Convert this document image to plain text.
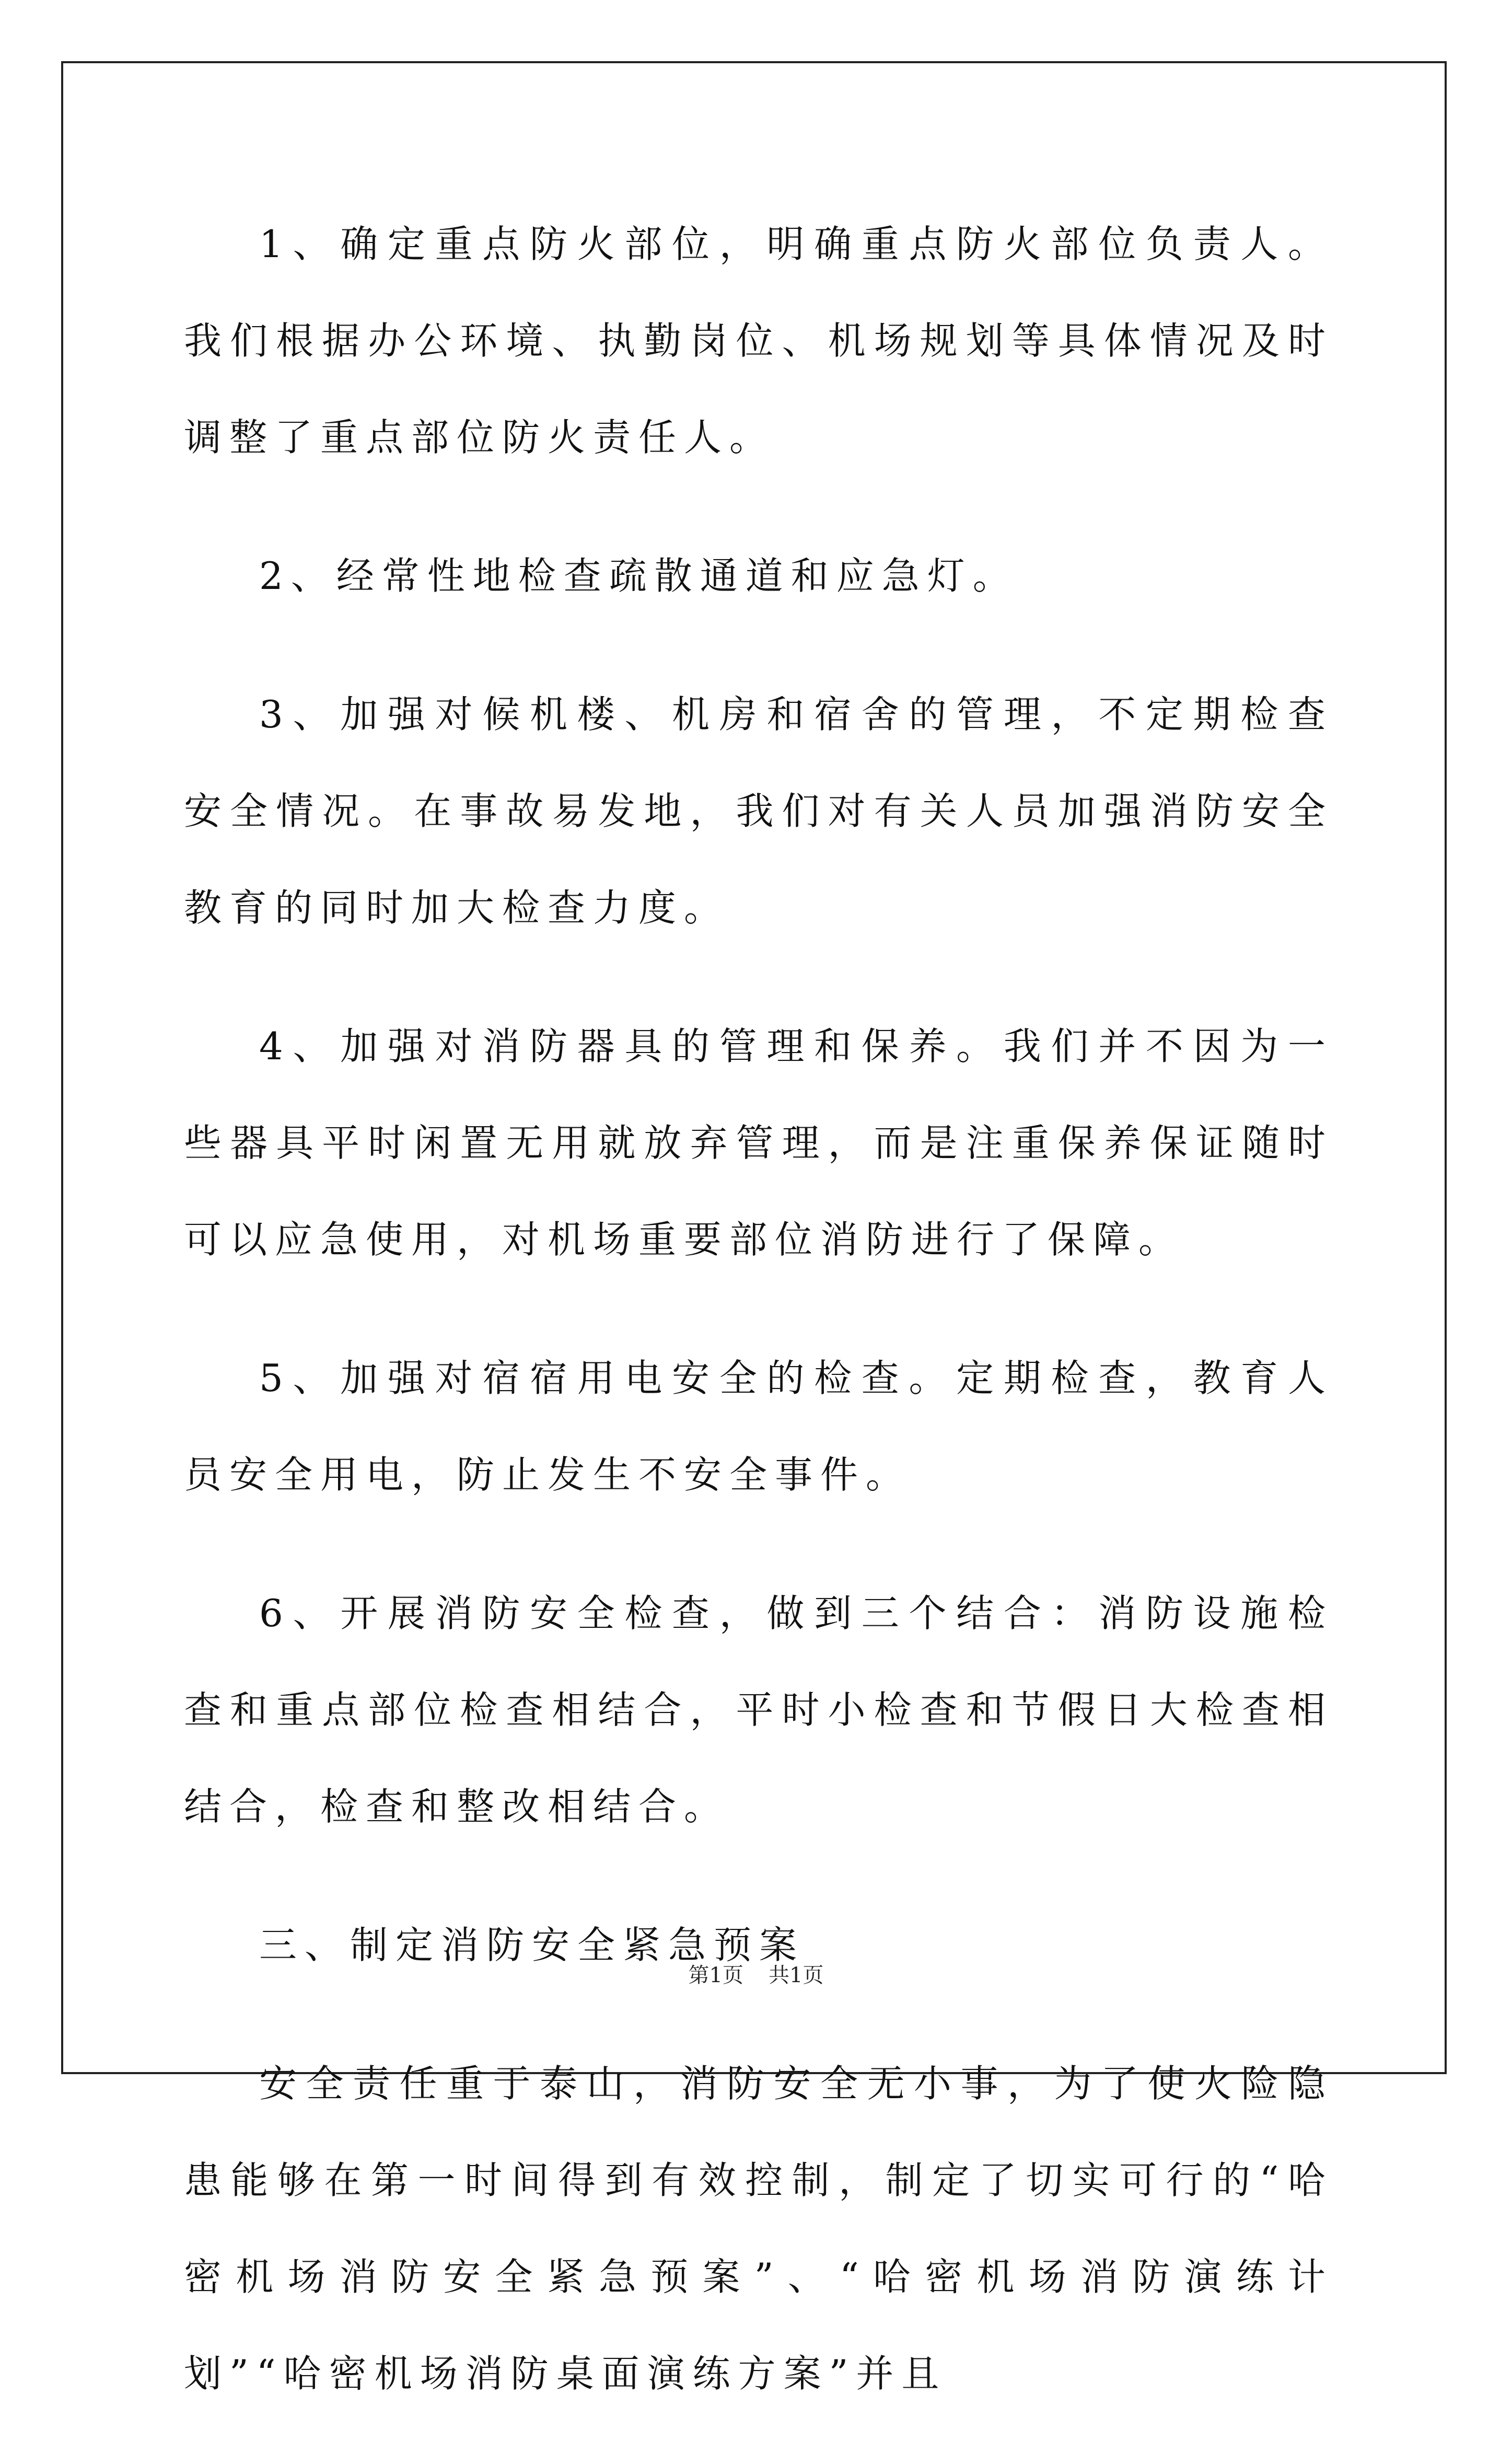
1、确定重点防火部位，明确重点防火部位负责人。我们根据办公环境、执勤岗位、机场规划等具体情况及时调整了重点部位防火责任人。

2、经常性地检查疏散通道和应急灯。

3、加强对候机楼、机房和宿舍的管理，不定期检查安全情况。在事故易发地，我们对有关人员加强消防安全教育的同时加大检查力度。

4、加强对消防器具的管理和保养。我们并不因为一些器具平时闲置无用就放弃管理，而是注重保养保证随时可以应急使用，对机场重要部位消防进行了保障。

5、加强对宿宿用电安全的检查。定期检查，教育人员安全用电，防止发生不安全事件。

6、开展消防安全检查，做到三个结合：消防设施检查和重点部位检查相结合，平时小检查和节假日大检查相结合，检查和整改相结合。

三、制定消防安全紧急预案

安全责任重于泰山，消防安全无小事，为了使火险隐患能够在第一时间得到有效控制，制定了切实可行的“哈密机场消防安全紧急预案”、“哈密机场消防演练计划”“哈密机场消防桌面演练方案”并且

第1页 共1页
